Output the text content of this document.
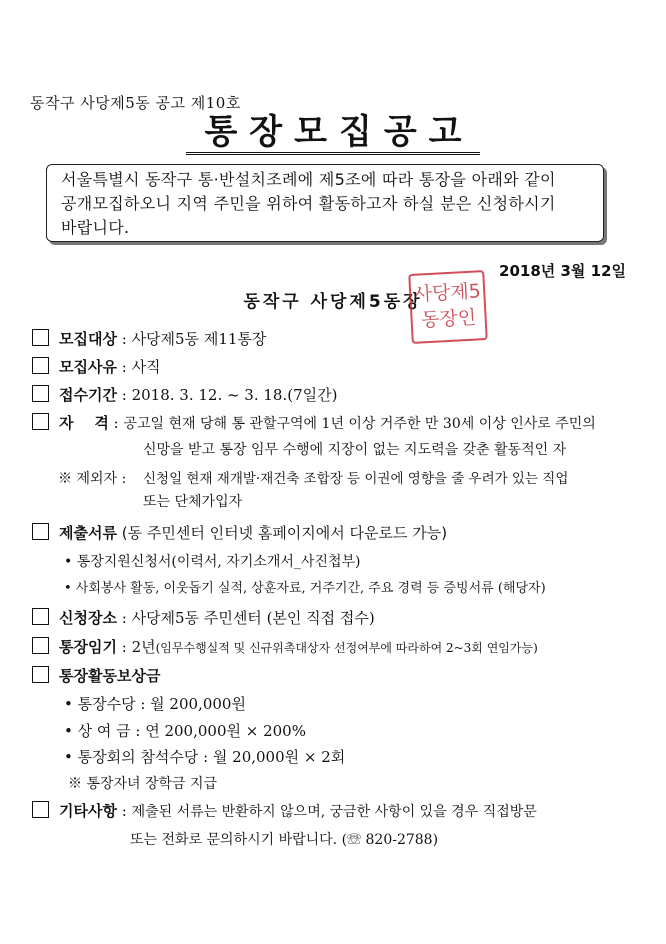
동작구 사당제5동 공고 제10호
통장모집공고
서울특별시 동작구 통·반설치조례에 제5조에 따라 통장을 아래와 같이
공개모집하오니 지역 주민을 위하여 활동하고자 하실 분은 신청하시기
바랍니다.
2018년 3월 12일
동작구 사당제5동장
사당제5
동장인
모집대상 : 사당제5동 제11통장
모집사유 : 사직
접수기간 : 2018. 3. 12. ~ 3. 18.(7일간)
자    격 : 공고일 현재 당해 통 관할구역에 1년 이상 거주한 만 30세 이상 인사로 주민의
신망을 받고 통장 임무 수행에 지장이 없는 지도력을 갖춘 활동적인 자
※ 제외자 : 신청일 현재 재개발·재건축 조합장 등 이권에 영향을 줄 우려가 있는 직업
또는 단체가입자
제출서류 (동 주민센터 인터넷 홈페이지에서 다운로드 가능)
• 통장지원신청서(이력서, 자기소개서_사진첩부)
• 사회봉사 활동, 이웃돕기 실적, 상훈자료, 거주기간, 주요 경력 등 증빙서류 (해당자)
신청장소 : 사당제5동 주민센터 (본인 직접 접수)
통장임기 : 2년(임무수행실적 및 신규위촉대상자 선정여부에 따라하여 2~3회 연임가능)
통장활동보상금
• 통장수당 : 월 200,000원
• 상 여 금 : 연 200,000원 × 200%
• 통장회의 참석수당 : 월 20,000원 × 2회
※ 통장자녀 장학금 지급
기타사항 : 제출된 서류는 반환하지 않으며, 궁금한 사항이 있을 경우 직접방문
또는 전화로 문의하시기 바랍니다. (☏ 820-2788)
